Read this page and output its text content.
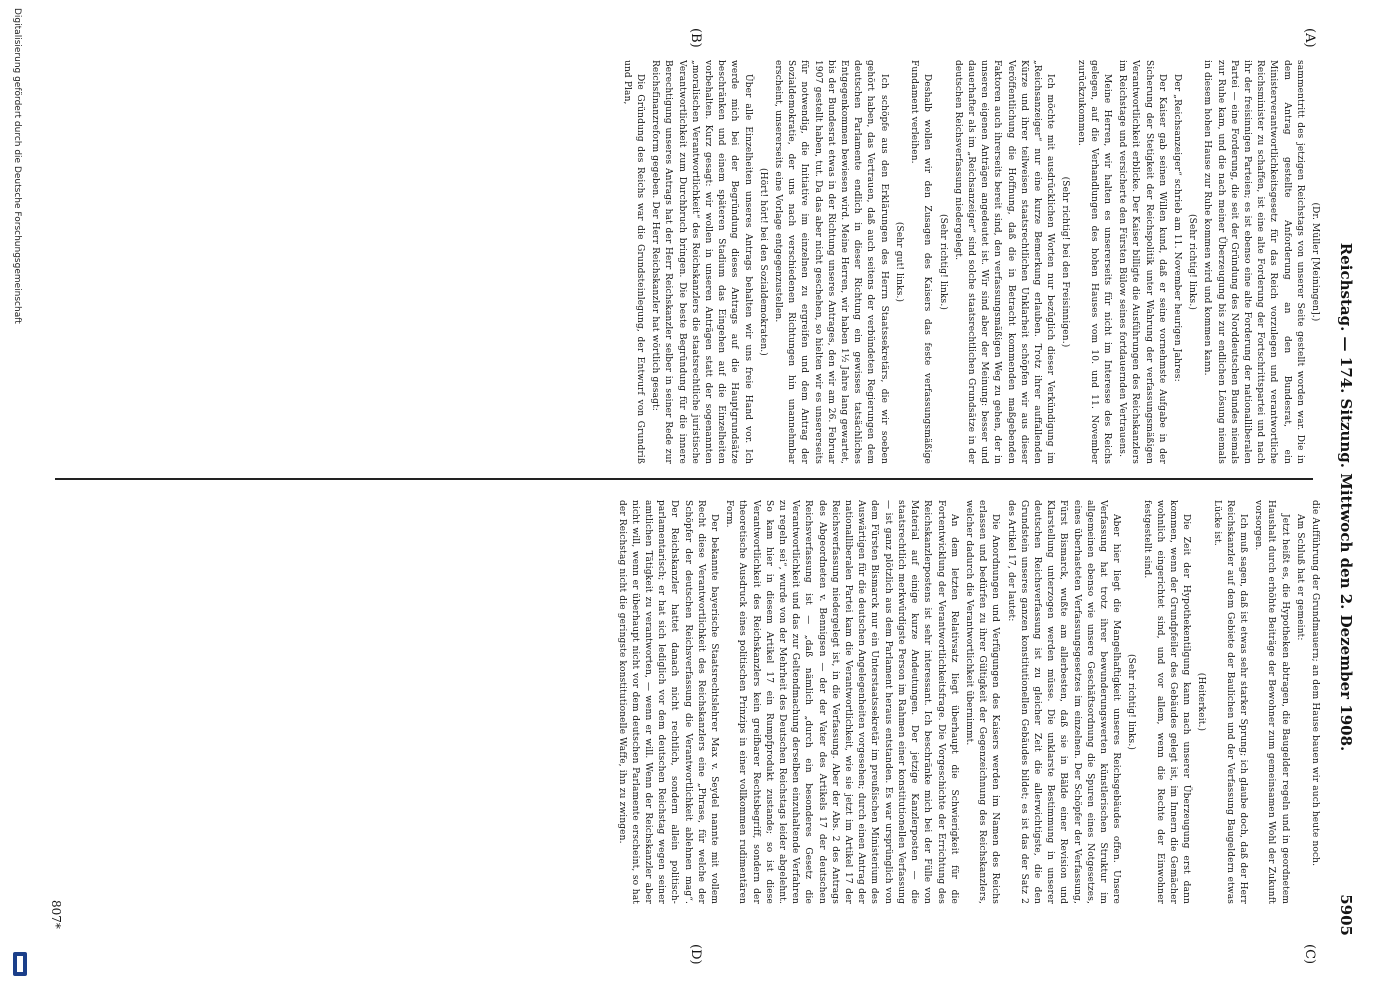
Reichstag. — 174. Sitzung. Mittwoch den 2. Dezember 1908.
5905
(A)
(B)
(C)
(D)

(Dr. Müller [Meiningen].)

sammentritt des jetzigen Reichstags von unserer Seite gestellt worden war. Die in dem Antrag gestellte Anforderung an den Bundesrat, ein Ministerverantwortlichkeitsgesetz für das Reich vorzulegen und verantwortliche Reichsminister zu schaffen, ist eine alte Forderung der Fortschrittspartei und nach ihr der freisinnigen Parteien; es ist ebenso eine alte Forderung der nationalliberalen Partei — eine Forderung, die seit der Gründung des Norddeutschen Bundes niemals zur Ruhe kam, und die nach meiner Überzeugung bis zur endlichen Lösung niemals in diesem hohen Hause zur Ruhe kommen wird und kommen kann.

(Sehr richtig! links.)

Der „Reichsanzeiger“ schrieb am 11. November heurigen Jahres:

Der Kaiser gab seinen Willen kund, daß er seine vornehmste Aufgabe in der Sicherung der Stetigkeit der Reichspolitik unter Wahrung der verfassungsmäßigen Verantwortlichkeit erblicke. Der Kaiser billigte die Ausführungen des Reichskanzlers im Reichstage und versicherte den Fürsten Bülow seines fortdauernden Vertrauens.

Meine Herren, wir halten es unsererseits für nicht im Interesse des Reichs gelegen, auf die Verhandlungen des hohen Hauses vom 10. und 11. November zurückzukommen.

(Sehr richtig! bei den Freisinnigen.)

Ich möchte mit ausdrücklichen Worten nur bezüglich dieser Verkündigung im „Reichsanzeiger“ nur eine kurze Bemerkung erlauben. Trotz ihrer auffallenden Kürze und ihrer teilweisen staatsrechtlichen Unklarheit schöpfen wir aus dieser Veröffentlichung die Hoffnung, daß die in Betracht kommenden maßgebenden Faktoren auch ihrerseits bereit sind, den verfassungsmäßigen Weg zu gehen, der in unseren eigenen Anträgen angedeutet ist. Wir sind aber der Meinung: besser und dauerhafter als im „Reichsanzeiger“ sind solche staatsrechtlichen Grundsätze in der deutschen Reichsverfassung niedergelegt.

(Sehr richtig! links.)

Deshalb wollen wir den Zusagen des Kaisers das feste verfassungsmäßige Fundament verleihen.

(Sehr gut! links.)

Ich schöpfe aus den Erklärungen des Herrn Staatssekretärs, die wir soeben gehört haben, das Vertrauen, daß auch seitens der verbündeten Regierungen dem deutschen Parlamente endlich in dieser Richtung ein gewisses tatsächliches Entgegenkommen bewiesen wird. Meine Herren, wir haben 1½ Jahre lang gewartet, bis der Bundesrat etwas in der Richtung unseres Antrages, den wir am 26. Februar 1907 gestellt haben, tut. Da das aber nicht geschehen, so hielten wir es unsererseits für notwendig, die Initiative im einzelnen zu ergreifen und dem Antrag der Sozialdemokratie, der uns nach verschiedenen Richtungen hin unannehmbar erscheint, unsererseits eine Vorlage entgegenzustellen.

(Hört! hört! bei den Sozialdemokraten.)

Über alle Einzelheiten unseres Antrags behalten wir uns freie Hand vor. Ich werde mich bei der Begründung dieses Antrags auf die Hauptgrundsätze beschränken und einem späteren Stadium das Eingehen auf die Einzelheiten vorbehalten. Kurz gesagt: wir wollen in unseren Anträgen statt der sogenannten „moralischen Verantwortlichkeit“ des Reichskanzlers die staatsrechtliche juristische Verantwortlichkeit zum Durchbruch bringen. Die beste Begründung für die innere Berechtigung unseres Antrags hat der Herr Reichskanzler selber in seiner Rede zur Reichsfinanzreform gegeben. Der Herr Reichskanzler hat wörtlich gesagt:

Die Gründung des Reichs war die Grundsteinlegung, der Entwurf von Grundriß und Plan,

die Aufführung der Grundmauern; an dem Hause bauen wir auch heute noch.

Am Schluß hat er gemeint:

Jetzt heißt es, die Hypotheken abtragen, die Baugelder regeln und in geordnetem Haushalt durch erhöhte Beiträge der Bewohner zum gemeinsamen Wohl der Zukunft vorsorgen.

Ich muß sagen, daß ist etwas sehr starker Sprung; ich glaube doch, daß der Herr Reichskanzler auf dem Gebiete der Baulichen und der Verfassung Baugeldern etwas Lücke ist.

(Heiterkeit.)

Die Zeit der Hypothekentilgung kann nach unserer Überzeugung erst dann kommen, wenn der Grundpfeiler des Gebäudes gelegt ist, im Innern die Gemächer wohnlich eingerichtet sind, und vor allem, wenn die Rechte der Einwohner festgestellt sind.

(Sehr richtig! links.)

Aber hier liegt die Mangelhaftigkeit unseres Reichsgebäudes offen. Unsere Verfassung hat trotz ihrer bewunderungswerten künstlerischen Struktur im allgemeinen ebenso wie unsere Geschäftsordnung die Spuren eines Notgesetzes, eines überhasteten Verfassungsgesetzes im einzelnen. Der Schöpfer der Verfassung, Fürst Bismarck, wußte am allerbesten, daß sie in Bälde einer Revision und Klarstellung unterzogen werden müsse. Die unklarste Bestimmung in unserer deutschen Reichsverfassung ist zu gleicher Zeit die allerwichtigste, die den Grundstein unseres ganzen konstitutionellen Gebäudes bildet; es ist das der Satz 2 des Artikel 17, der lautet:

Die Anordnungen und Verfügungen des Kaisers werden im Namen des Reichs erlassen und bedürfen zu ihrer Gültigkeit der Gegenzeichnung des Reichskanzlers, welcher dadurch die Verantwortlichkeit übernimmt.

An dem letzten Relativsatz liegt überhaupt die Schwierigkeit für die Fortentwicklung der Verantwortlichkeitsfrage. Die Vorgeschichte der Errichtung des Reichskanzlerpostens ist sehr interessant. Ich beschränke mich bei der Fülle von Material auf einige kurze Andeutungen. Der jetzige Kanzlerposten — die staatsrechtlich merkwürdigste Person im Rahmen einer konstitutionellen Verfassung — ist ganz plötzlich aus dem Parlament heraus entstanden. Es war ursprünglich von dem Fürsten Bismarck nur ein Unterstaatssekretär im preußischen Ministerium des Auswärtigen für die deutschen Angelegenheiten vorgesehen; durch einen Antrag der nationalliberalen Partei kam die Verantwortlichkeit, wie sie jetzt im Artikel 17 der Reichsverfassung niedergelegt ist, in die Verfassung. Aber der Abs. 2 des Antrags des Abgeordneten v. Bennigsen — der der Vater des Artikels 17 der deutschen Reichsverfassung ist — „daß nämlich „durch ein besonderes Gesetz die Verantwortlichkeit und das zur Geltendmachung derselben einzuhaltende Verfahren zu regeln sei“, wurde von der Mehrheit des Deutschen Reichstags leider abgelehnt. So kam hier in diesem Artikel 17 ein Rumpfprodukt zustande; so ist diese Verantwortlichkeit des Reichskanzlers kein greifbarer Rechtsbegriff, sondern der theoretische Ausdruck eines politischen Prinzips in einer vollkommen rudimentären Form.

Der bekannte bayerische Staatsrechtslehrer Max v. Seydel nannte mit vollem Recht diese Verantwortlichkeit des Reichskanzlers eine „Phrase, für welche der Schöpfer der deutschen Reichsverfassung die Verantwortlichkeit ablehnen mag“. Der Reichskanzler hattet danach nicht rechtlich, sondern allein politisch-parlamentarisch; er hat sich lediglich vor dem deutschen Reichstag wegen seiner amtlichen Tätigkeit zu verantworten, — wenn er will. Wenn der Reichskanzler aber nicht will, wenn er überhaupt nicht vor dem deutschen Parlamente erscheint, so hat der Reichstag nicht die geringste konstitutionelle Waffe, ihn zu zwingen.

807*
Digitalisierung gefördert durch die Deutsche Forschungsgemeinschaft
